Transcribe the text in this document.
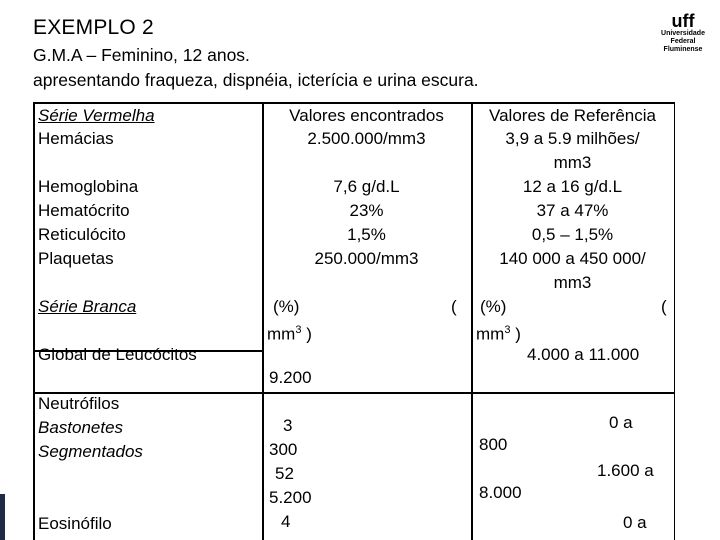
EXEMPLO 2
G.M.A – Feminino, 12 anos.
apresentando fraqueza, dispnéia, icterícia e urina escura.
uff
Universidade
Federal
Fluminense
Série Vermelha
Hemácias
Hemoglobina
Hematócrito
Reticulócito
Plaquetas
Série Branca
Global de Leucócitos
Neutrófilos
Bastonetes
Segmentados
Eosinófilo
Valores encontrados
2.500.000/mm3
7,6 g/d.L
23%
1,5%
250.000/mm3
(%)	(
$mm^3$ )
9.200
3
300
52
5.200
4
Valores de Referência
3,9 a 5.9 milhões/
mm3
12 a 16 g/d.L
37 a 47%
0,5 – 1,5%
140 000 a 450 000/
mm3
(%)	(
$mm^3$ )
4.000 a 11.000
0 a
800
1.600 a
8.000
0 a
